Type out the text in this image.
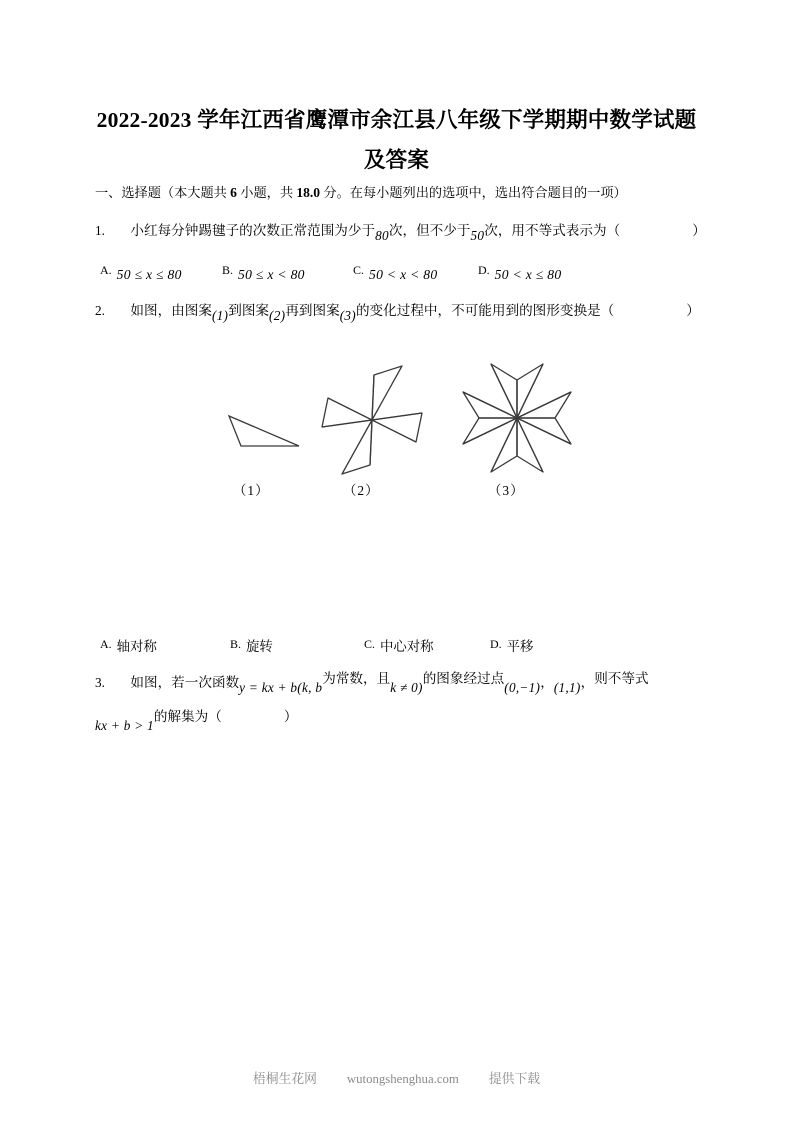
2022-2023 学年江西省鹰潭市余江县八年级下学期期中数学试题及答案
一、选择题（本大题共 6 小题，共 18.0 分。在每小题列出的选项中，选出符合题目的一项）
1. 小红每分钟踢毽子的次数正常范围为少于80次，但不少于50次，用不等式表示为（	）
A. 50 ≤ x ≤ 80	B. 50 ≤ x < 80	C. 50 < x < 80	D. 50 < x ≤ 80
2. 如图，由图案(1)到图案(2)再到图案(3)的变化过程中，不可能用到的图形变换是（	）
（1）	（2）	（3）
A. 轴对称	B. 旋转	C. 中心对称	D. 平移
3. 如图，若一次函数y = kx + b(k, b为常数，且k ≠ 0)的图象经过点(0,−1)，(1,1)，则不等式
kx + b > 1的解集为（	）
梧桐生花网 wutongshenghua.com 提供下载
